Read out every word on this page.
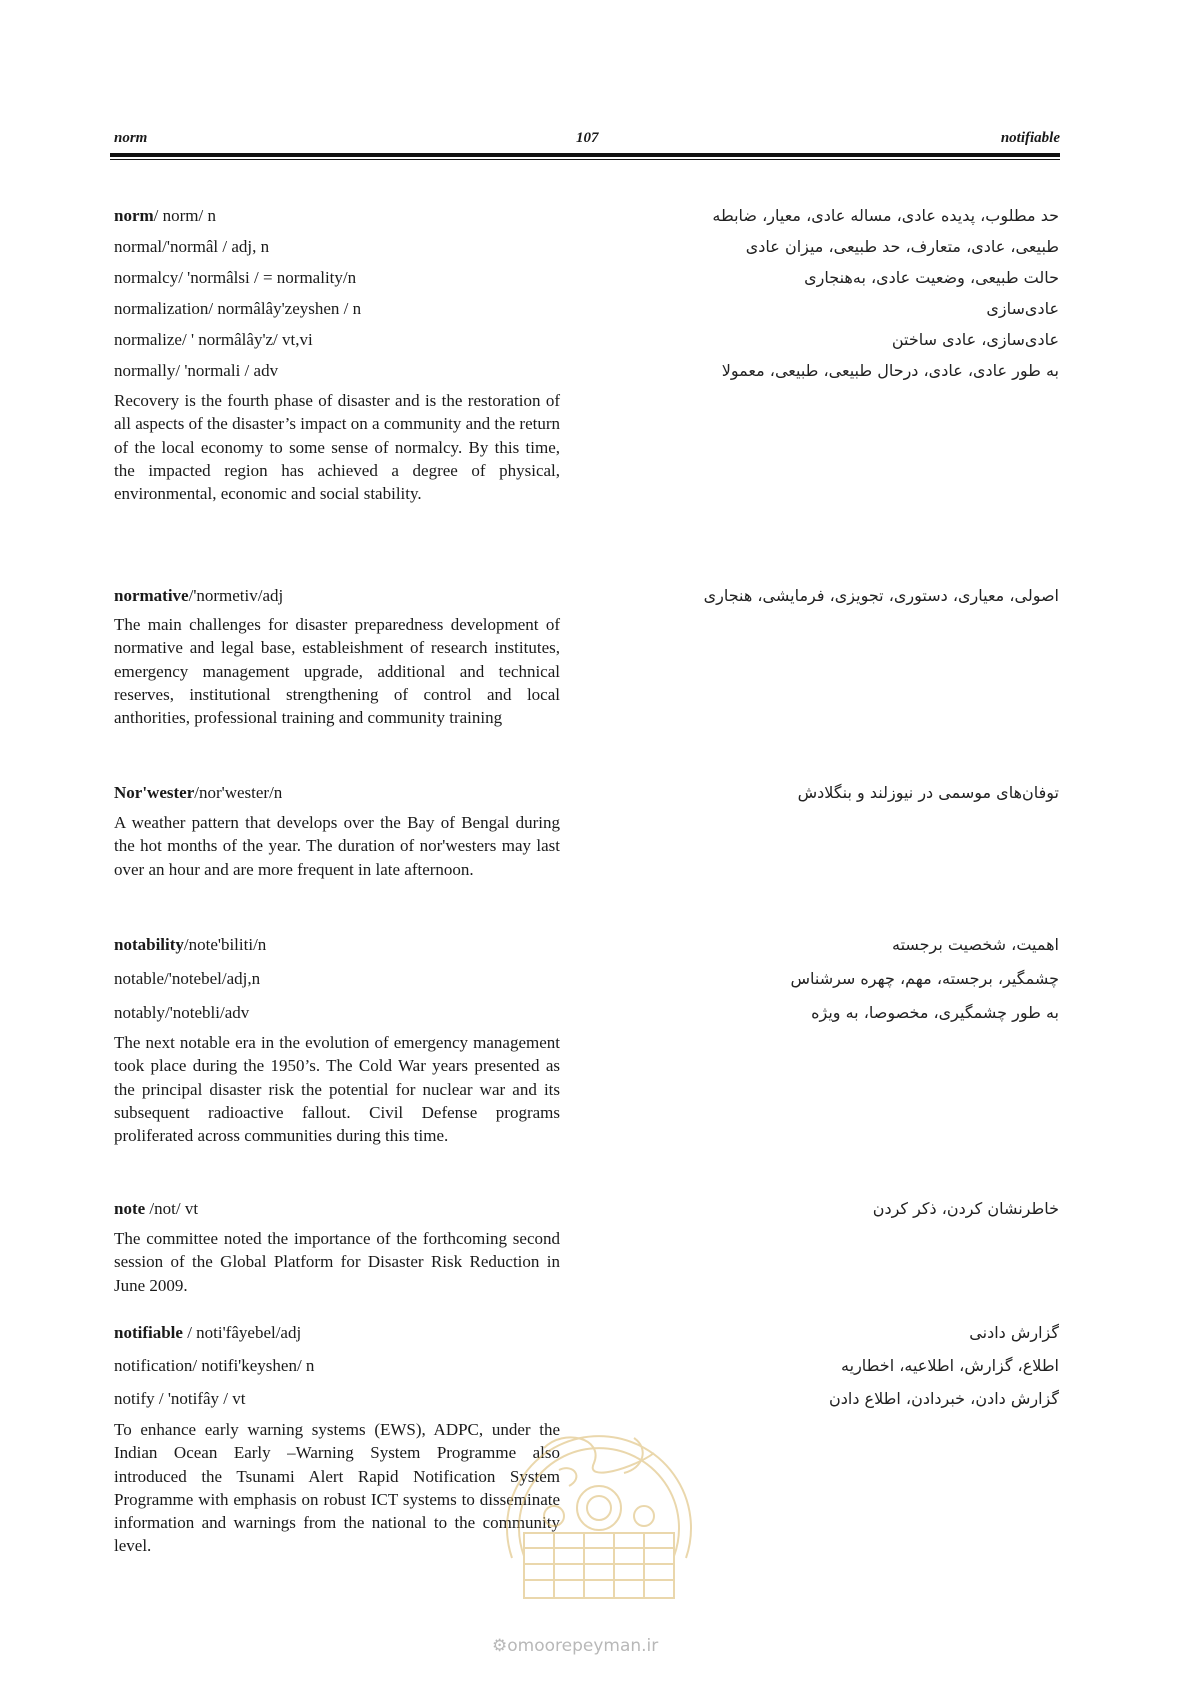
norm	107	notifiable

norm/ norm/ n	حد مطلوب، پدیده عادی، مساله عادی، معیار، ضابطه

normal/'normâl / adj, n	طبیعی، عادی، متعارف، حد طبیعی، میزان عادی

normalcy/ 'normâlsi / = normality/n	حالت طبیعی، وضعیت عادی، به‌هنجاری

normalization/ normâlây'zeyshen / n	عادی‌سازی

normalize/ ' normâlây'z/ vt,vi	عادی‌سازی، عادی ساختن

normally/ 'normali / adv	به طور عادی، عادی، درحال طبیعی، طبیعی، معمولا

Recovery is the fourth phase of disaster and is the restoration of all aspects of the disaster’s impact on a community and the return of the local economy to some sense of normalcy. By this time, the impacted region has achieved a degree of physical, environmental, economic and social stability.

normative/'normetiv/adj	اصولی، معیاری، دستوری، تجویزی، فرمایشی، هنجاری

The main challenges for disaster preparedness development of normative and legal base, estableishment of research institutes, emergency management upgrade, additional and technical reserves, institutional strengthening of control and local anthorities, professional training and community training

Nor'wester/nor'wester/n	توفان‌های موسمی در نیوزلند و بنگلادش

A weather pattern that develops over the Bay of Bengal during the hot months of the year. The duration of nor'westers may last over an hour and are more frequent in late afternoon.

notability/note'biliti/n	اهمیت، شخصیت برجسته

notable/'notebel/adj,n	چشمگیر، برجسته، مهم، چهره سرشناس

notably/'notebli/adv	به طور چشمگیری، مخصوصا، به ویژه

The next notable era in the evolution of emergency management took place during the 1950’s. The Cold War years presented as the principal disaster risk the potential for nuclear war and its subsequent radioactive fallout. Civil Defense programs proliferated across communities during this time.

note /not/ vt	خاطرنشان کردن، ذکر کردن

The committee noted the importance of the forthcoming second session of the Global Platform for Disaster Risk Reduction in June 2009.

notifiable / noti'fâyebel/adj	گزارش دادنی

notification/ notifi'keyshen/ n	اطلاع، گزارش، اطلاعیه، اخطاریه

notify / 'notifây / vt	گزارش دادن، خبردادن، اطلاع دادن

To enhance early warning systems (EWS), ADPC, under the Indian Ocean Early –Warning System Programme also introduced the Tsunami Alert Rapid Notification System Programme with emphasis on robust ICT systems to disseminate information and warnings from the national to the community level.

⚙omoorepeyman.ir
